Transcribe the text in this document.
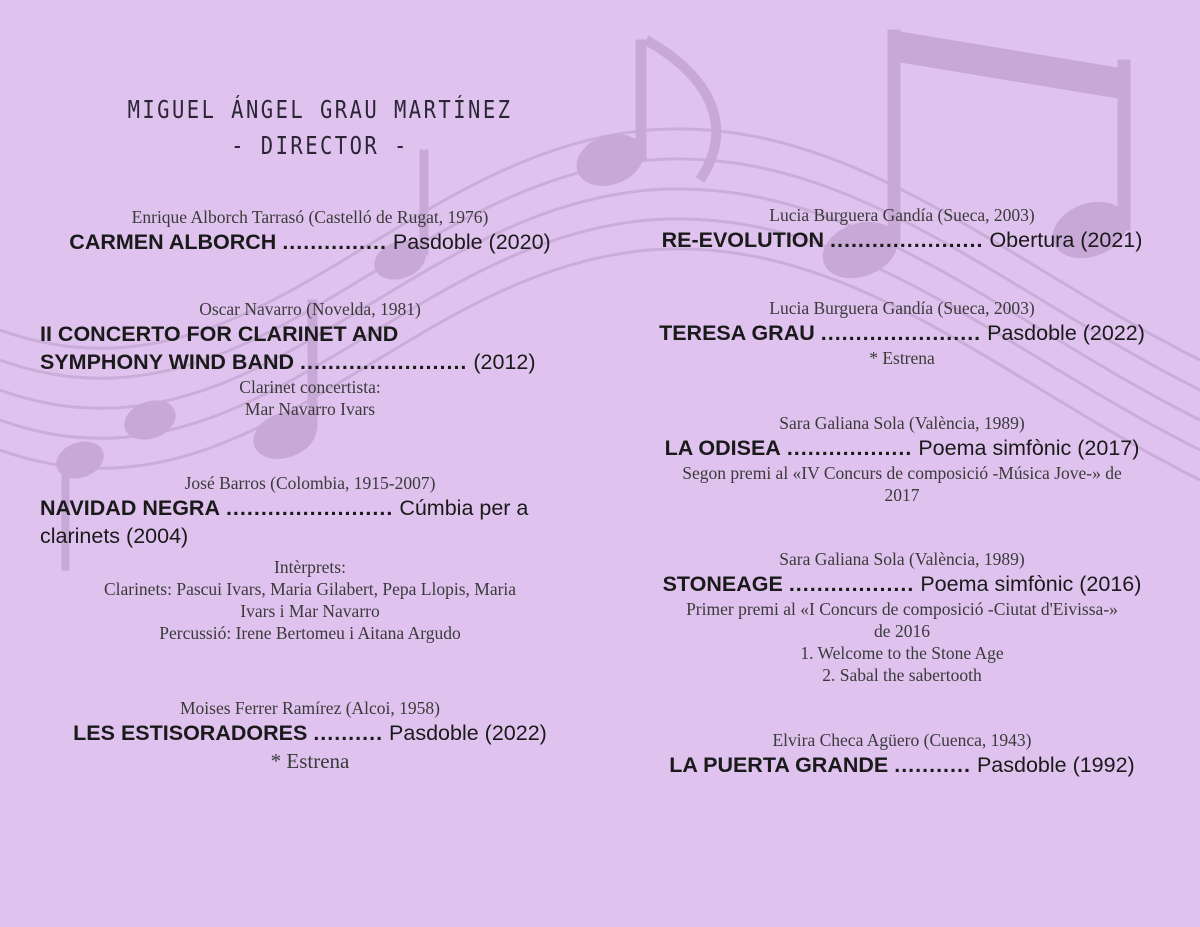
MIGUEL ÁNGEL GRAU MARTÍNEZ
- DIRECTOR -
Enrique Alborch Tarrasó (Castelló de Rugat, 1976)
CARMEN ALBORCH ............... Pasdoble (2020)
Oscar Navarro (Novelda, 1981)
II CONCERTO FOR CLARINET AND
SYMPHONY WIND BAND ........................ (2012)
Clarinet concertista:
Mar Navarro Ivars
José Barros (Colombia, 1915-2007)
NAVIDAD NEGRA ........................ Cúmbia per a
clarinets (2004)
Intèrprets:
Clarinets: Pascui Ivars, Maria Gilabert, Pepa Llopis, Maria
Ivars i Mar Navarro
Percussió: Irene Bertomeu i Aitana Argudo
Moises Ferrer Ramírez (Alcoi, 1958)
LES ESTISORADORES .......... Pasdoble (2022)
* Estrena
Lucia Burguera Gandía (Sueca, 2003)
RE-EVOLUTION ...................... Obertura (2021)
Lucia Burguera Gandía (Sueca, 2003)
TERESA GRAU ....................... Pasdoble (2022)
* Estrena
Sara Galiana Sola (València, 1989)
LA ODISEA .................. Poema simfònic (2017)
Segon premi al «IV Concurs de composició -Música Jove-» de
2017
Sara Galiana Sola (València, 1989)
STONEAGE .................. Poema simfònic (2016)
Primer premi al «I Concurs de composició -Ciutat d'Eivissa-»
de 2016
1. Welcome to the Stone Age
2. Sabal the sabertooth
Elvira Checa Agüero (Cuenca, 1943)
LA PUERTA GRANDE ........... Pasdoble (1992)
